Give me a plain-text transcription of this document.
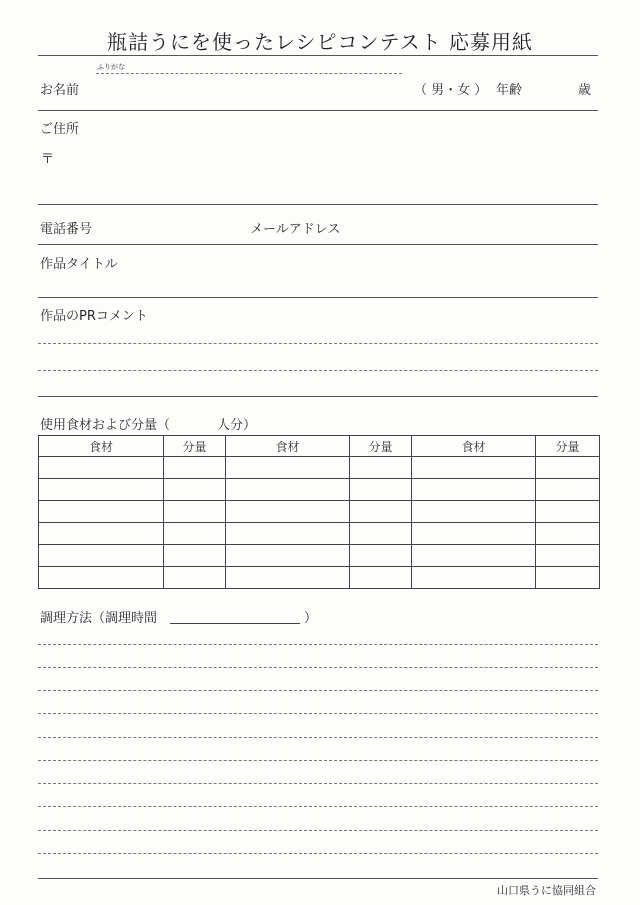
瓶詰うにを使ったレシピコンテスト 応募用紙
ふりがな
お名前	（ 男・女 ） 年齢	歳
ご住所
〒
電話番号	メールアドレス
作品タイトル
作品のPRコメント
使用食材および分量（	人分）
食材	分量	食材	分量	食材	分量

調理方法（調理時間	）
山口県うに協同組合
